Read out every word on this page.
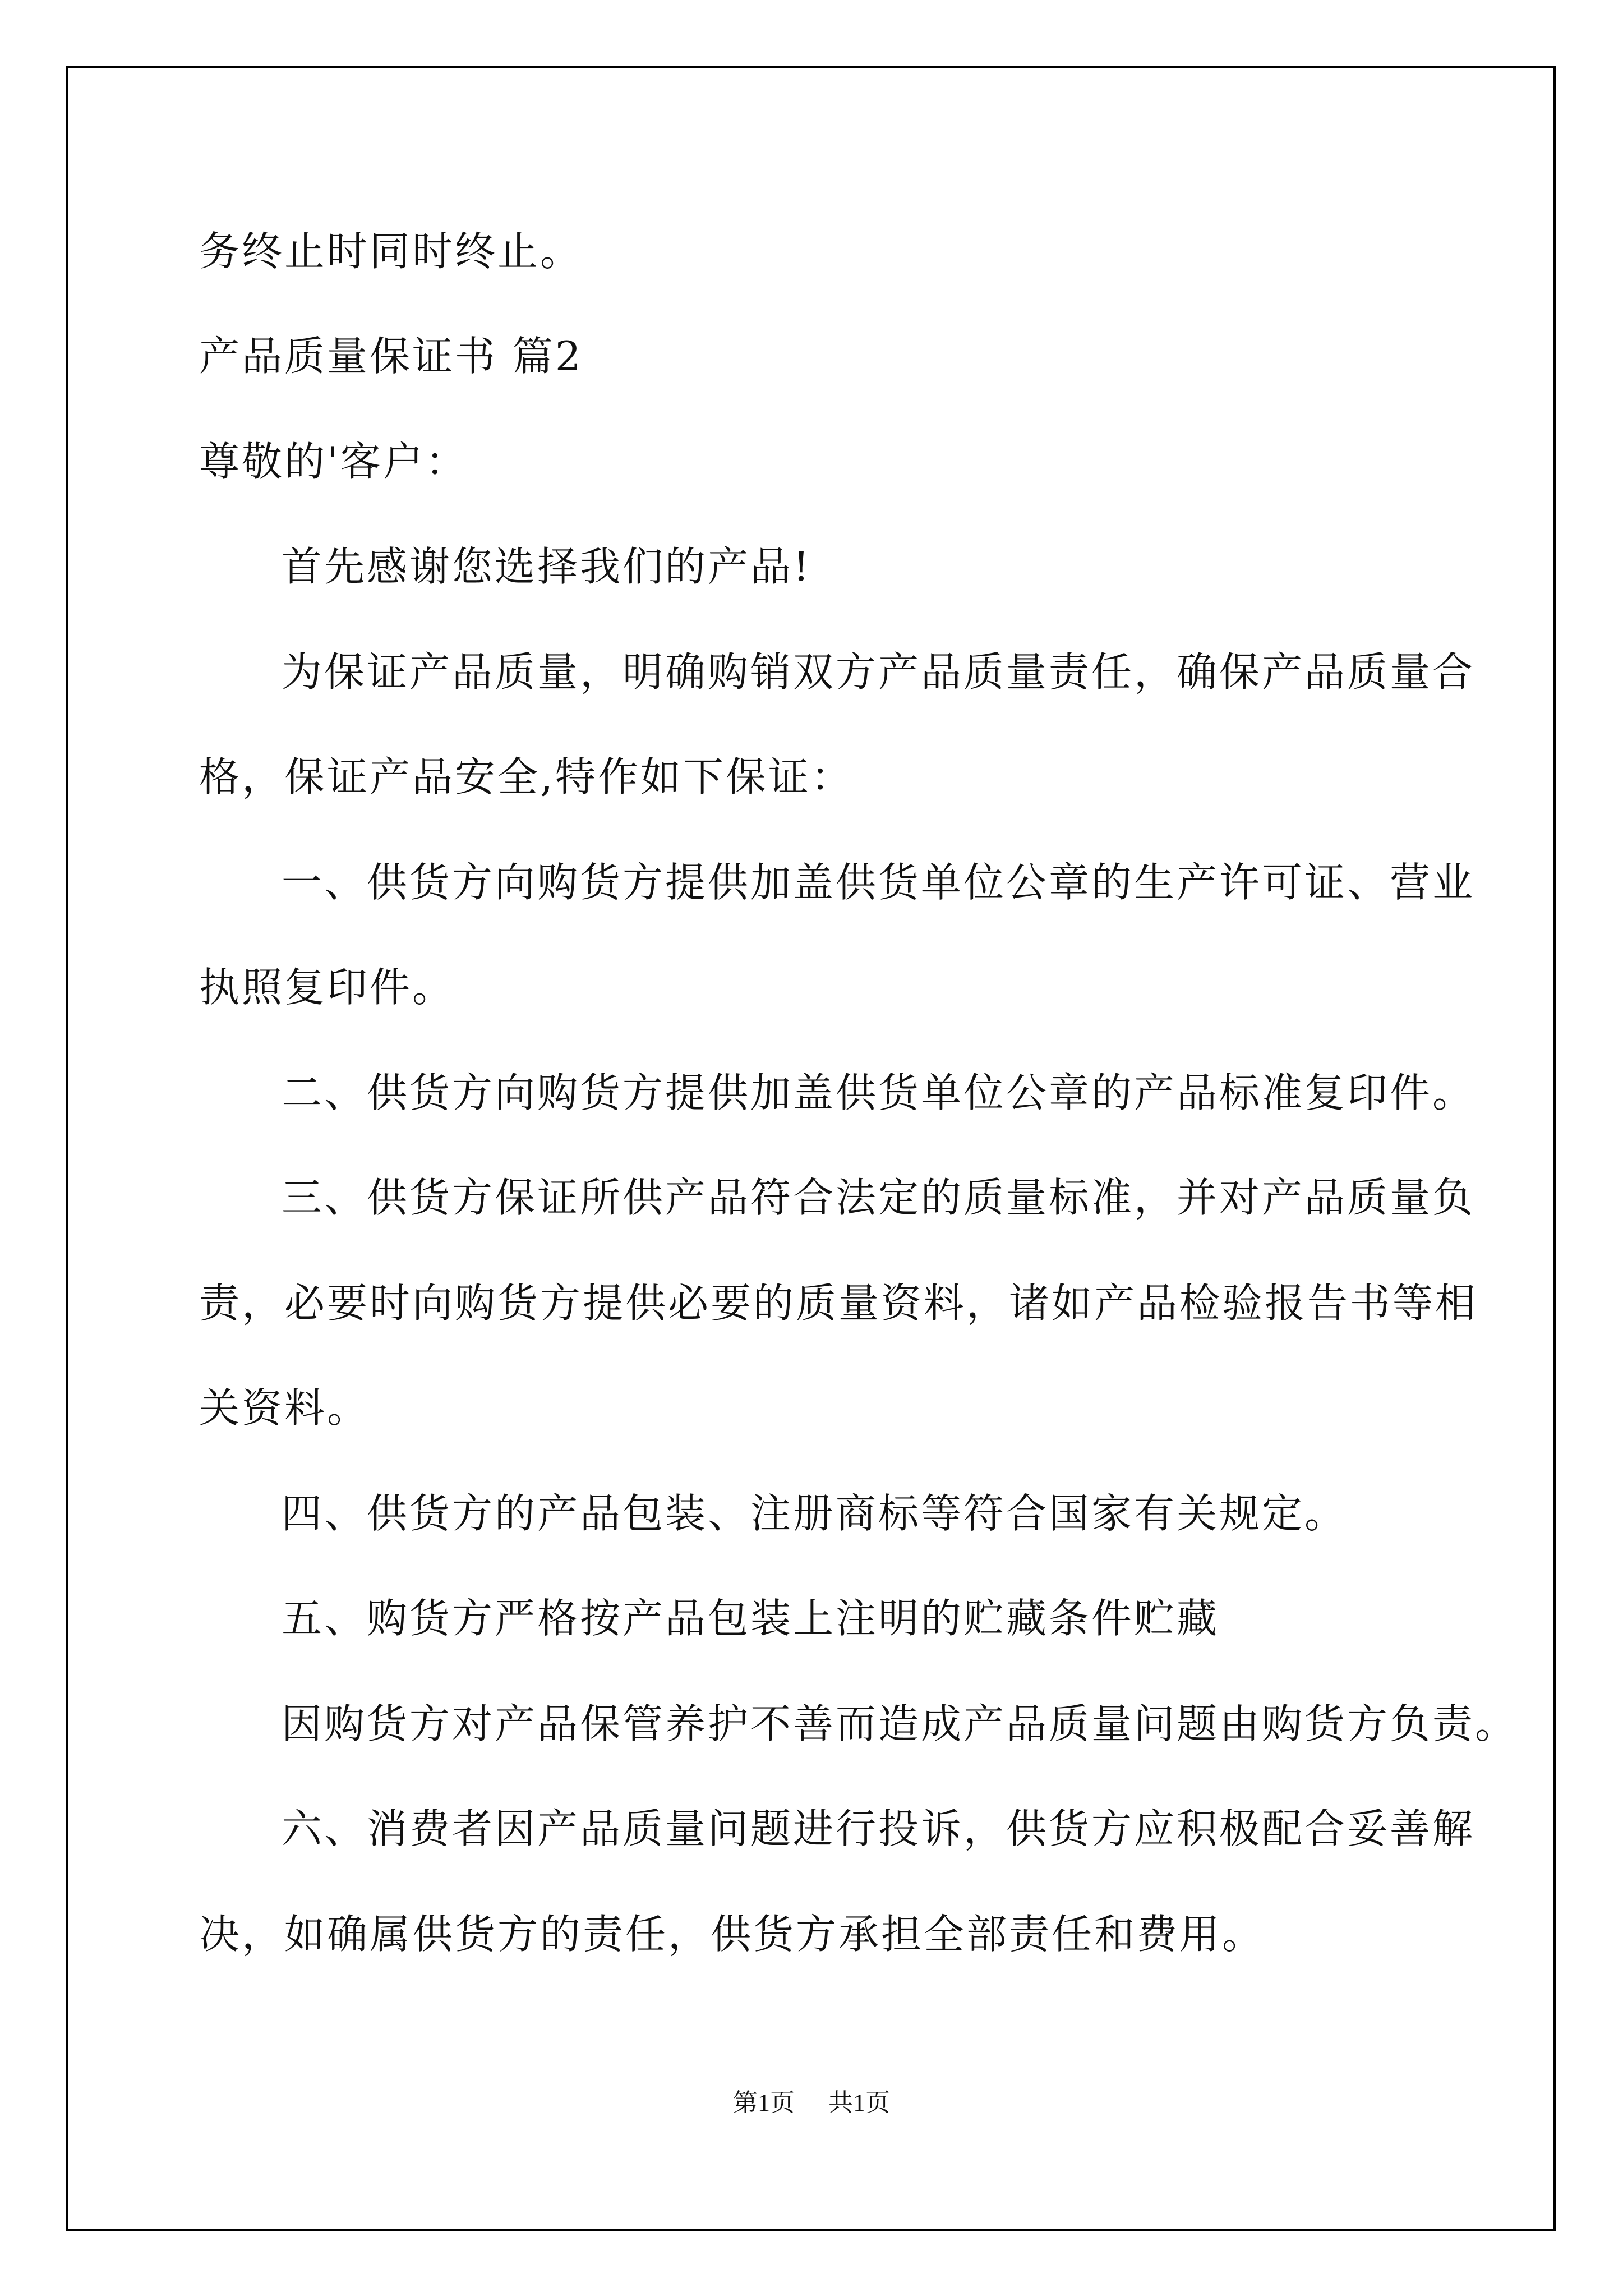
务终止时同时终止。
产品质量保证书 篇2
尊敬的'客户：
首先感谢您选择我们的产品!
为保证产品质量，明确购销双方产品质量责任，确保产品质量合
格，保证产品安全,特作如下保证：
一、供货方向购货方提供加盖供货单位公章的生产许可证、营业
执照复印件。
二、供货方向购货方提供加盖供货单位公章的产品标准复印件。
三、供货方保证所供产品符合法定的质量标准，并对产品质量负
责，必要时向购货方提供必要的质量资料，诸如产品检验报告书等相
关资料。
四、供货方的产品包装、注册商标等符合国家有关规定。
五、购货方严格按产品包装上注明的贮藏条件贮藏
因购货方对产品保管养护不善而造成产品质量问题由购货方负责。
六、消费者因产品质量问题进行投诉，供货方应积极配合妥善解
决，如确属供货方的责任，供货方承担全部责任和费用。
第1页 共1页
